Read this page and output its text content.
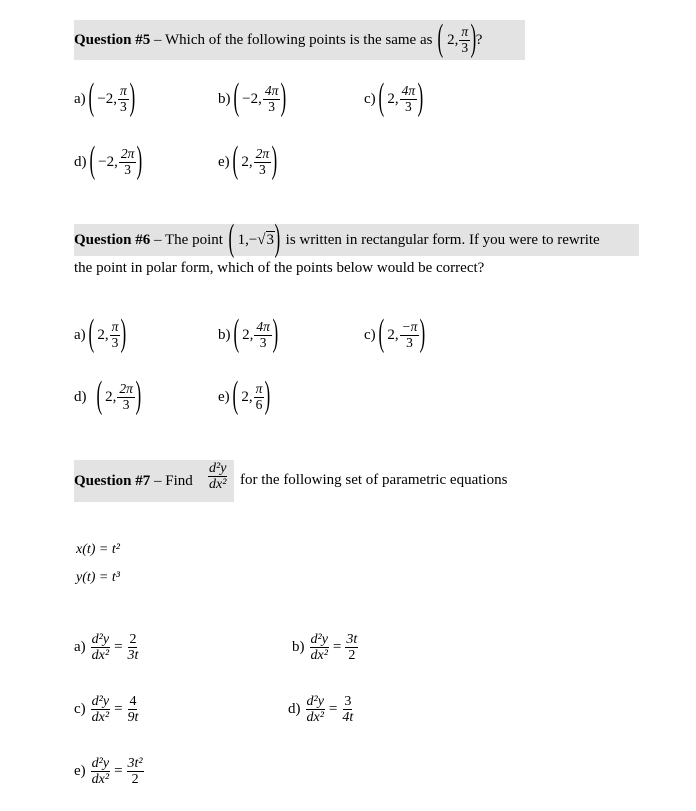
Question #5 – Which of the following points is the same as ( 2, $\frac{\pi}{3}$ ) ?
a) ( −2, $\frac{\pi}{3}$ )	b) ( −2, $\frac{4\pi}{3}$ )	c) ( 2, $\frac{4\pi}{3}$ )
d) ( −2, $\frac{2\pi}{3}$ )	e) ( 2, $\frac{2\pi}{3}$ )
Question #6 – The point ( 1,− √ 3 ) is written in rectangular form. If you were to rewrite
the point in polar form, which of the points below would be correct?
a) ( 2, $\frac{\pi}{3}$ )	b) ( 2, $\frac{4\pi}{3}$ )	c) ( 2, $\frac{-\pi}{3}$ )
d) ( 2, $\frac{2\pi}{3}$ )	e) ( 2, $\frac{\pi}{6}$ )
Question #7 – Find $\frac{\text{d²y}}{\text{dx²}}$ for the following set of parametric equations
x(t) = t²
y(t) = t³
$a) \frac{\text{d²y}}{\text{dx²}} = \frac{2}{3t}$	$b) \frac{\text{d²y}}{\text{dx²}} = \frac{3t}{2}$
$c) \frac{\text{d²y}}{\text{dx²}} = \frac{4}{9t}$	$d) \frac{\text{d²y}}{\text{dx²}} = \frac{3}{4t}$
$e) \frac{\text{d²y}}{\text{dx²}} = \frac{\text{3t²}}{2}$
